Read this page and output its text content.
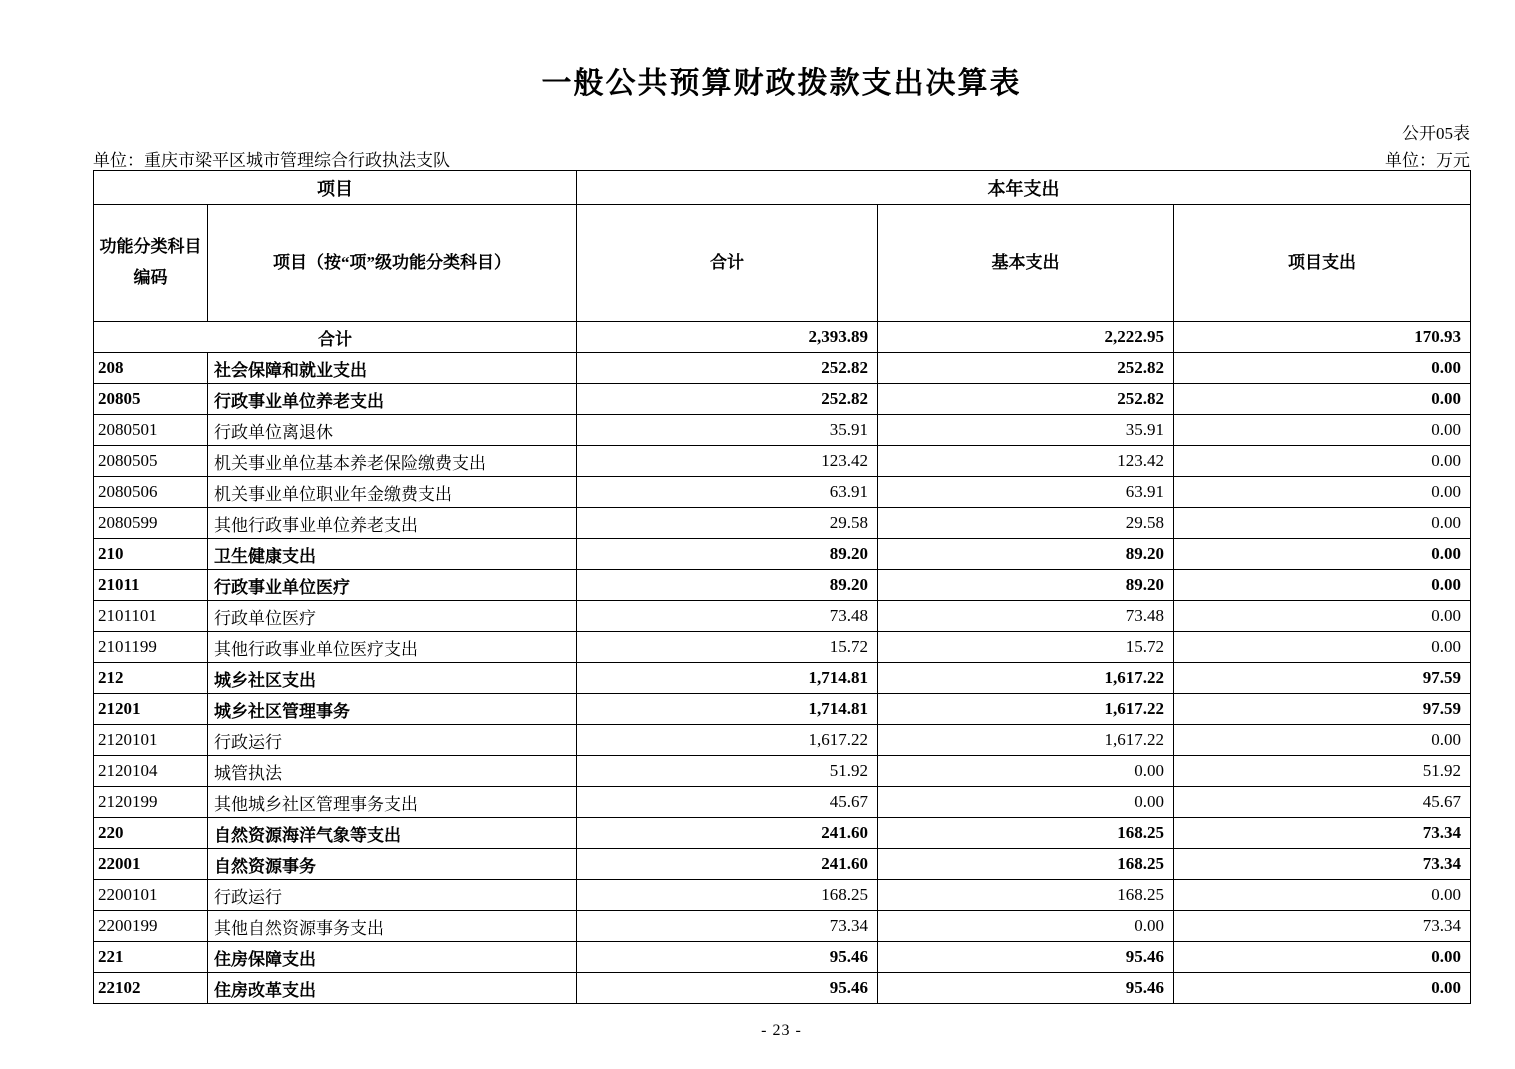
一般公共预算财政拨款支出决算表
公开05表
单位：重庆市梁平区城市管理综合行政执法支队	单位：万元
项目		本年支出		
功能分类科目编码	项目（按“项”级功能分类科目）	合计	基本支出	项目支出
合计		2,393.89	2,222.95	170.93
208	社会保障和就业支出	252.82	252.82	0.00
20805	行政事业单位养老支出	252.82	252.82	0.00
2080501	行政单位离退休	35.91	35.91	0.00
2080505	机关事业单位基本养老保险缴费支出	123.42	123.42	0.00
2080506	机关事业单位职业年金缴费支出	63.91	63.91	0.00
2080599	其他行政事业单位养老支出	29.58	29.58	0.00
210	卫生健康支出	89.20	89.20	0.00
21011	行政事业单位医疗	89.20	89.20	0.00
2101101	行政单位医疗	73.48	73.48	0.00
2101199	其他行政事业单位医疗支出	15.72	15.72	0.00
212	城乡社区支出	1,714.81	1,617.22	97.59
21201	城乡社区管理事务	1,714.81	1,617.22	97.59
2120101	行政运行	1,617.22	1,617.22	0.00
2120104	城管执法	51.92	0.00	51.92
2120199	其他城乡社区管理事务支出	45.67	0.00	45.67
220	自然资源海洋气象等支出	241.60	168.25	73.34
22001	自然资源事务	241.60	168.25	73.34
2200101	行政运行	168.25	168.25	0.00
2200199	其他自然资源事务支出	73.34	0.00	73.34
221	住房保障支出	95.46	95.46	0.00
22102	住房改革支出	95.46	95.46	0.00
- 23 -
